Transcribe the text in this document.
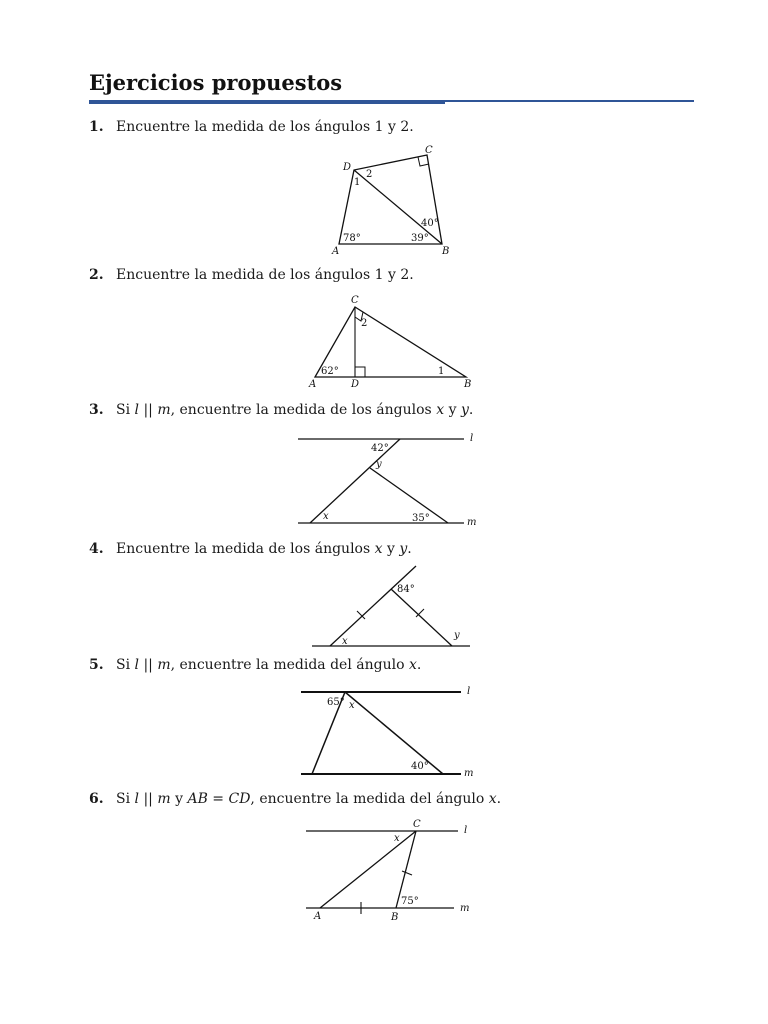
Ejercicios propuestos
1. Encuentre la medida de los ángulos 1 y 2.
A	B
C
D
78°	39°
40°
1
2
2. Encuentre la medida de los ángulos 1 y 2.
A	B
C
D
62°	1
2
3. Si l || m, encuentre la medida de los ángulos x y y.
l
m
42°
y
x	35°
4. Encuentre la medida de los ángulos x y y.
84°
x
y
5. Si l || m, encuentre la medida del ángulo x.
l
m
65° x
40°
6. Si l || m y AB = CD, encuentre la medida del ángulo x.
l
m
A	B
C
x
75°
